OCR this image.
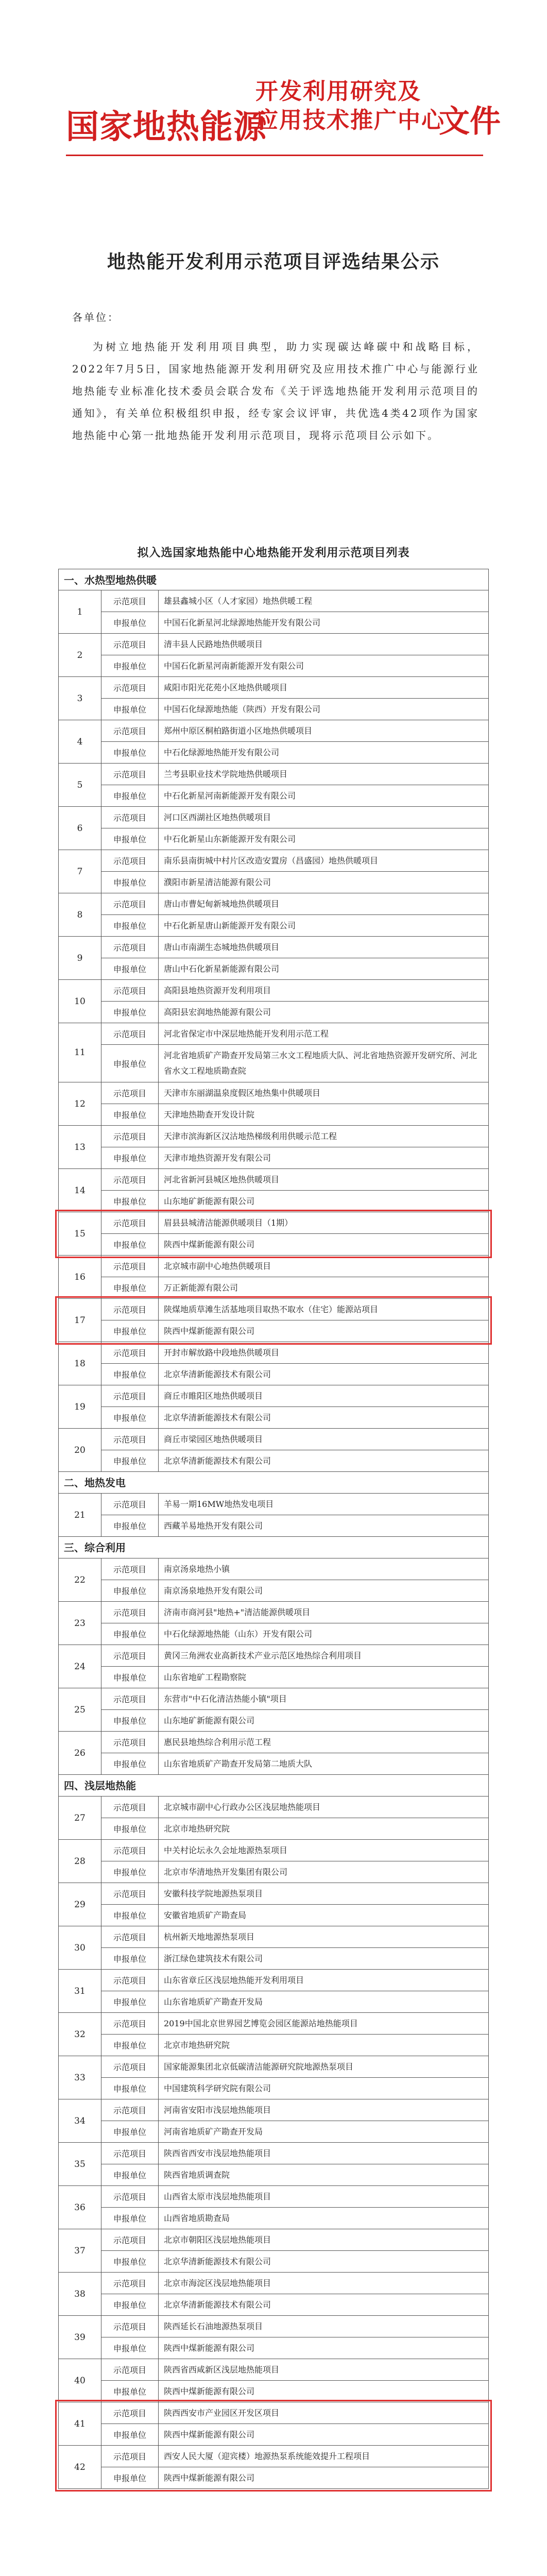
国家地热能源
开发利用研究及
应用技术推广中心
文件
地热能开发利用示范项目评选结果公示
各单位：
为树立地热能开发利用项目典型，助力实现碳达峰碳中和战略目标，2022年7月5日，国家地热能源开发利用研究及应用技术推广中心与能源行业地热能专业标准化技术委员会联合发布《关于评选地热能开发利用示范项目的通知》，有关单位积极组织申报，经专家会议评审，共优选4类42项作为国家地热能中心第一批地热能开发利用示范项目，现将示范项目公示如下。
拟入选国家地热能中心地热能开发利用示范项目列表
一、水热型地热供暖
1
示范项目	雄县鑫城小区（人才家园）地热供暖工程
申报单位	中国石化新星河北绿源地热能开发有限公司
2
示范项目	清丰县人民路地热供暖项目
申报单位	中国石化新星河南新能源开发有限公司
3
示范项目	咸阳市阳光花苑小区地热供暖项目
申报单位	中国石化绿源地热能（陕西）开发有限公司
4
示范项目	郑州中原区桐柏路街道小区地热供暖项目
申报单位	中石化绿源地热能开发有限公司
5
示范项目	兰考县职业技术学院地热供暖项目
申报单位	中石化新星河南新能源开发有限公司
6
示范项目	河口区西湖社区地热供暖项目
申报单位	中石化新星山东新能源开发有限公司
7
示范项目	南乐县南街城中村片区改造安置房（昌盛园）地热供暖项目
申报单位	濮阳市新星清洁能源有限公司
8
示范项目	唐山市曹妃甸新城地热供暖项目
申报单位	中石化新星唐山新能源开发有限公司
9
示范项目	唐山市南湖生态城地热供暖项目
申报单位	唐山中石化新星新能源有限公司
10
示范项目	高阳县地热资源开发利用项目
申报单位	高阳县宏润地热能源有限公司
11
示范项目	河北省保定市中深层地热能开发利用示范工程
申报单位
河北省地质矿产勘查开发局第三水文工程地质大队、河北省地热资源开发研究所、河北省水文工程地质勘查院
12
示范项目	天津市东丽湖温泉度假区地热集中供暖项目
申报单位	天津地热勘查开发设计院
13
示范项目	天津市滨海新区汉沽地热梯级利用供暖示范工程
申报单位	天津市地热资源开发有限公司
14
示范项目	河北省新河县城区地热供暖项目
申报单位	山东地矿新能源有限公司
15
示范项目	眉县县城清洁能源供暖项目（1期）
申报单位	陕西中煤新能源有限公司
16
示范项目	北京城市副中心地热供暖项目
申报单位	万正新能源有限公司
17
示范项目	陕煤地质草滩生活基地项目取热不取水（住宅）能源站项目
申报单位	陕西中煤新能源有限公司
18
示范项目	开封市解放路中段地热供暖项目
申报单位	北京华清新能源技术有限公司
19
示范项目	商丘市睢阳区地热供暖项目
申报单位	北京华清新能源技术有限公司
20
示范项目	商丘市梁园区地热供暖项目
申报单位	北京华清新能源技术有限公司
二、地热发电
21
示范项目	羊易一期16MW地热发电项目
申报单位	西藏羊易地热开发有限公司
三、综合利用
22
示范项目	南京汤泉地热小镇
申报单位	南京汤泉地热开发有限公司
23
示范项目	济南市商河县"地热+"清洁能源供暖项目
申报单位	中石化绿源地热能（山东）开发有限公司
24
示范项目	黄冈三角洲农业高新技术产业示范区地热综合利用项目
申报单位	山东省地矿工程勘察院
25
示范项目	东营市"中石化清洁热能小镇"项目
申报单位	山东地矿新能源有限公司
26
示范项目	惠民县地热综合利用示范工程
申报单位	山东省地质矿产勘查开发局第二地质大队
四、浅层地热能
27
示范项目	北京城市副中心行政办公区浅层地热能项目
申报单位	北京市地热研究院
28
示范项目	中关村论坛永久会址地源热泵项目
申报单位	北京市华清地热开发集团有限公司
29
示范项目	安徽科技学院地源热泵项目
申报单位	安徽省地质矿产勘查局
30
示范项目	杭州新天地地源热泵项目
申报单位	浙江绿色建筑技术有限公司
31
示范项目	山东省章丘区浅层地热能开发利用项目
申报单位	山东省地质矿产勘查开发局
32
示范项目	2019中国北京世界园艺博览会园区能源站地热能项目
申报单位	北京市地热研究院
33
示范项目	国家能源集团北京低碳清洁能源研究院地源热泵项目
申报单位	中国建筑科学研究院有限公司
34
示范项目	河南省安阳市浅层地热能项目
申报单位	河南省地质矿产勘查开发局
35
示范项目	陕西省西安市浅层地热能项目
申报单位	陕西省地质调查院
36
示范项目	山西省太原市浅层地热能项目
申报单位	山西省地质勘查局
37
示范项目	北京市朝阳区浅层地热能项目
申报单位	北京华清新能源技术有限公司
38
示范项目	北京市海淀区浅层地热能项目
申报单位	北京华清新能源技术有限公司
39
示范项目	陕西延长石油地源热泵项目
申报单位	陕西中煤新能源有限公司
40
示范项目	陕西省西咸新区浅层地热能项目
申报单位	陕西中煤新能源有限公司
41
示范项目	陕西西安市产业园区开发区项目
申报单位	陕西中煤新能源有限公司
42
示范项目	西安人民大厦（迎宾楼）地源热泵系统能效提升工程项目
申报单位	陕西中煤新能源有限公司
